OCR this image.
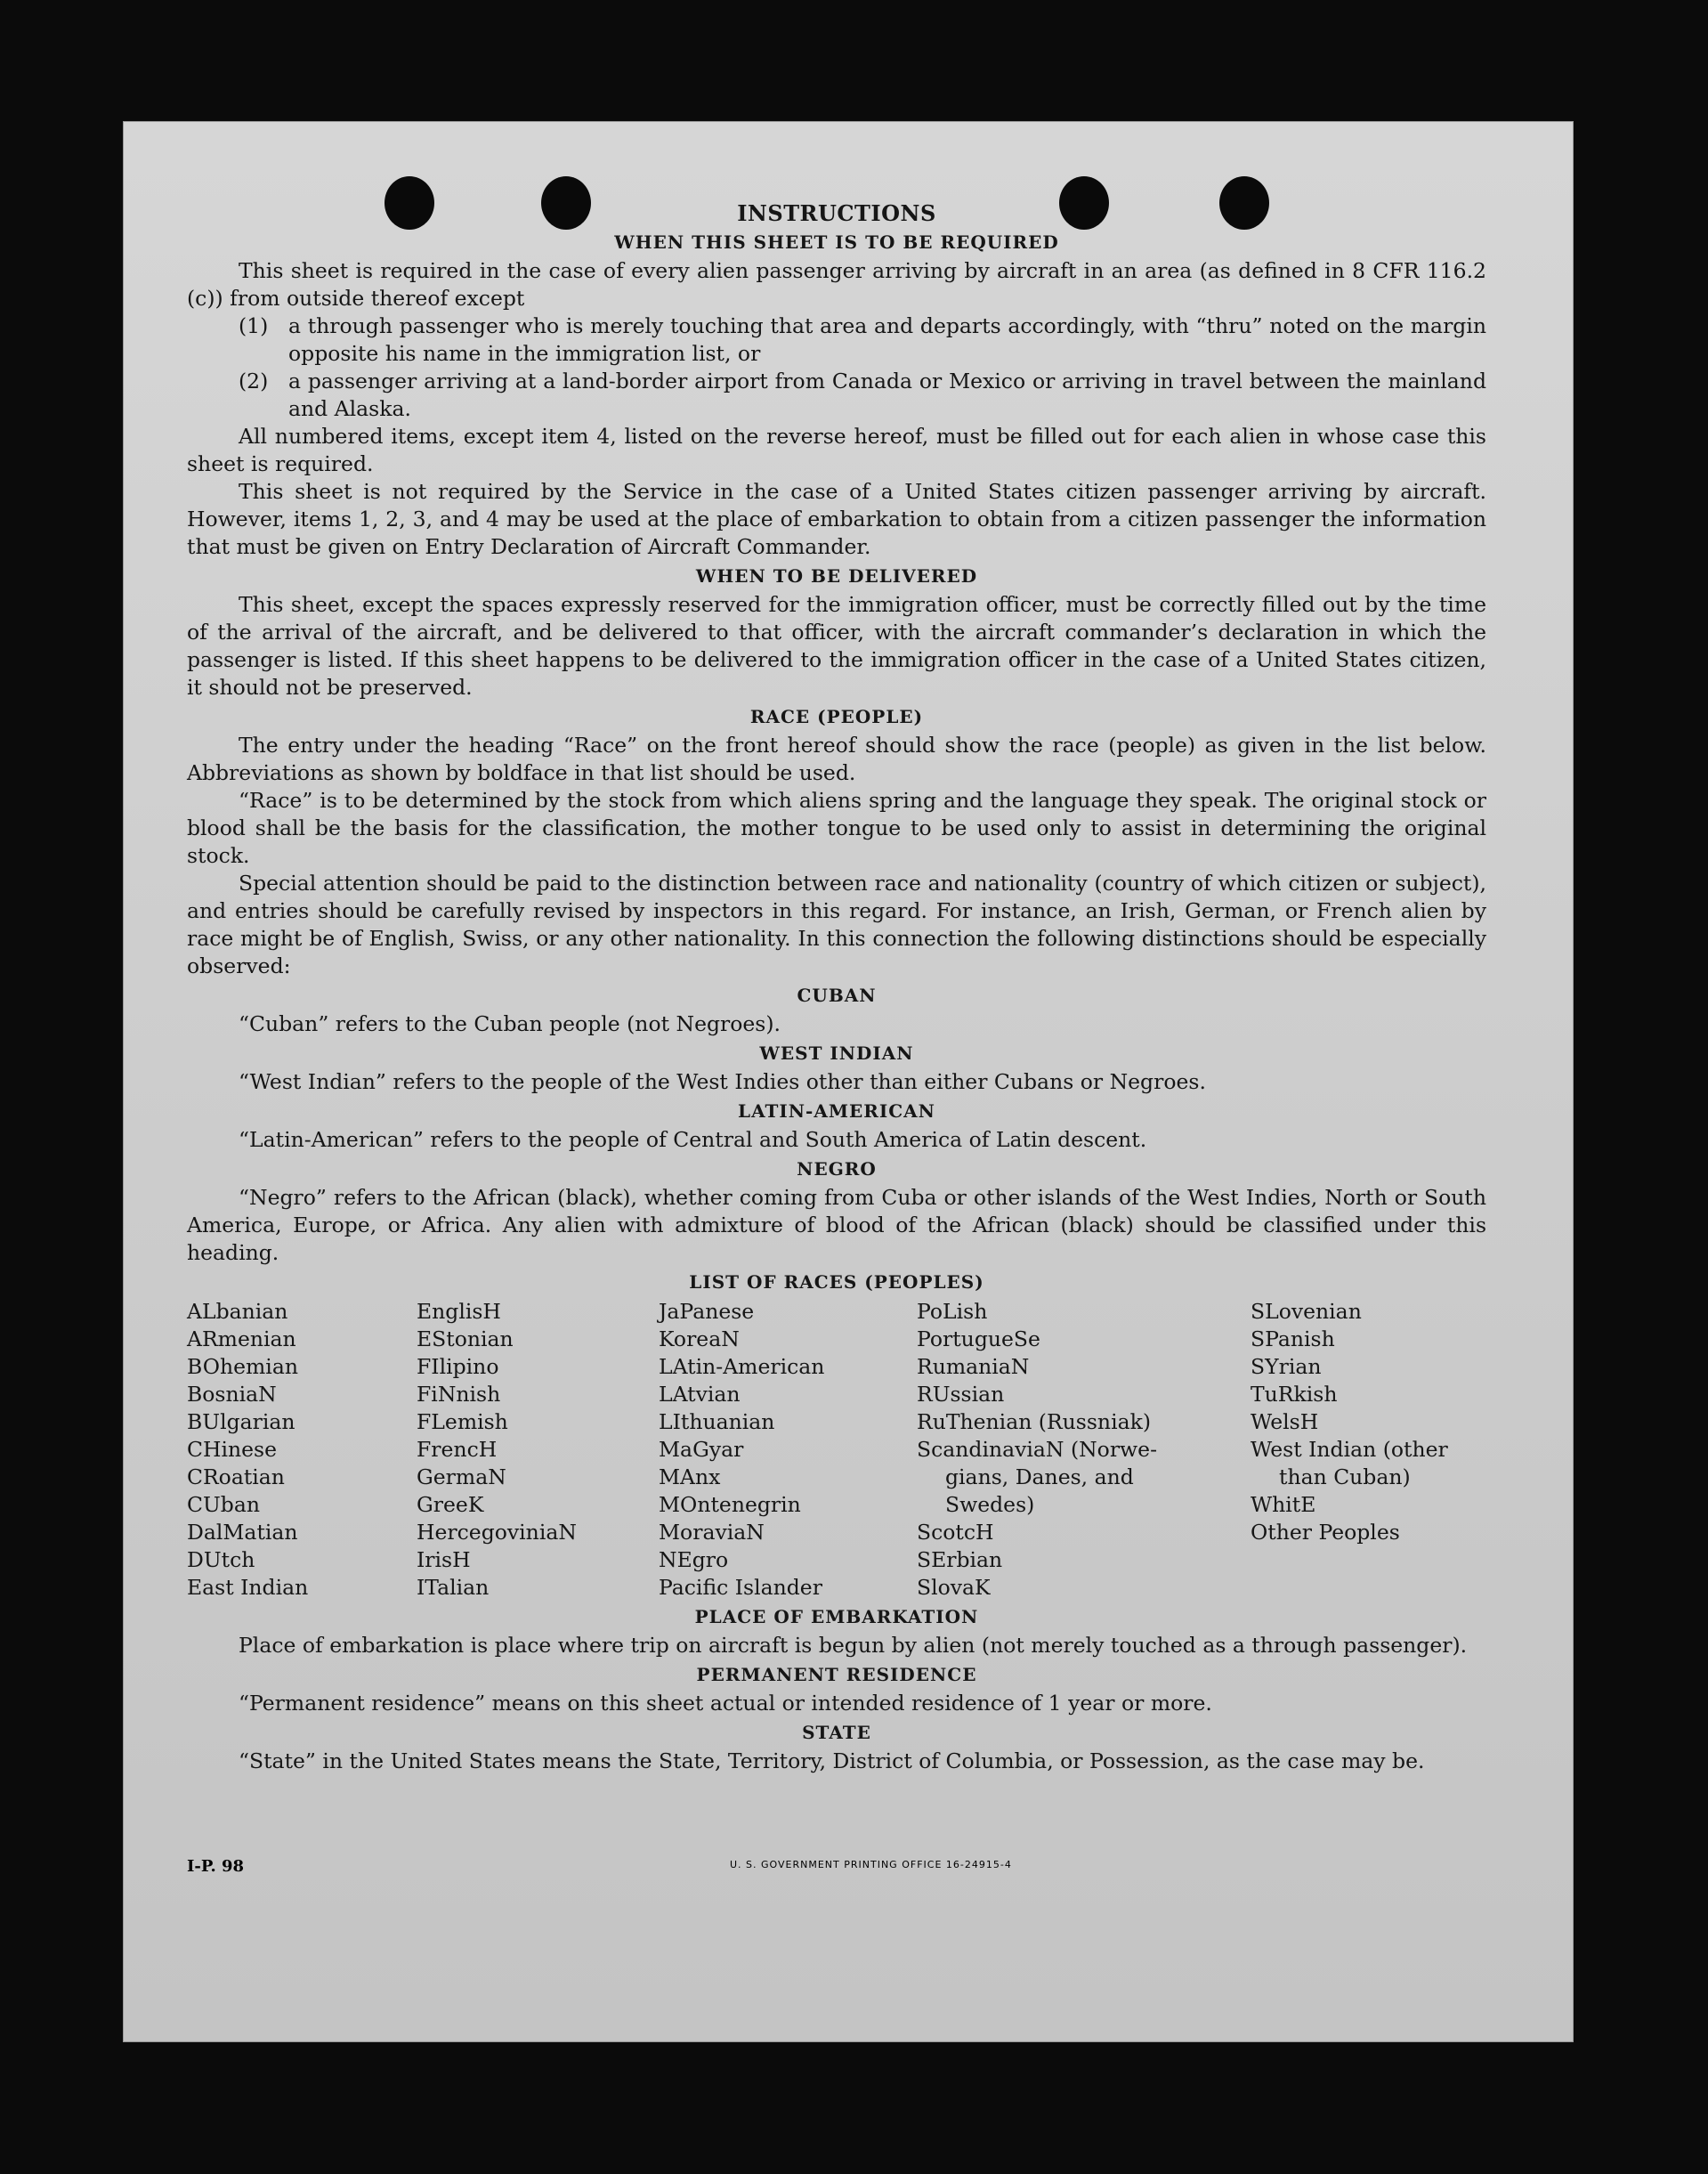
INSTRUCTIONS
WHEN THIS SHEET IS TO BE REQUIRED

This sheet is required in the case of every alien passenger arriving by aircraft in an area (as defined in 8 CFR 116.2 (c)) from outside thereof except

(1) a through passenger who is merely touching that area and departs accordingly, with “thru” noted on the margin opposite his name in the immigration list, or
(2) a passenger arriving at a land-border airport from Canada or Mexico or arriving in travel between the mainland and Alaska.

All numbered items, except item 4, listed on the reverse hereof, must be filled out for each alien in whose case this sheet is required.

This sheet is not required by the Service in the case of a United States citizen passenger arriving by aircraft. However, items 1, 2, 3, and 4 may be used at the place of embarkation to obtain from a citizen passenger the information that must be given on Entry Declaration of Aircraft Commander.

WHEN TO BE DELIVERED

This sheet, except the spaces expressly reserved for the immigration officer, must be correctly filled out by the time of the arrival of the aircraft, and be delivered to that officer, with the aircraft commander’s declaration in which the passenger is listed. If this sheet happens to be delivered to the immigration officer in the case of a United States citizen, it should not be preserved.

RACE (PEOPLE)

The entry under the heading “Race” on the front hereof should show the race (people) as given in the list below. Abbreviations as shown by boldface in that list should be used.

“Race” is to be determined by the stock from which aliens spring and the language they speak. The original stock or blood shall be the basis for the classification, the mother tongue to be used only to assist in determining the original stock.

Special attention should be paid to the distinction between race and nationality (country of which citizen or subject), and entries should be carefully revised by inspectors in this regard. For instance, an Irish, German, or French alien by race might be of English, Swiss, or any other nationality. In this connection the following distinctions should be especially observed:

CUBAN

“Cuban” refers to the Cuban people (not Negroes).

WEST INDIAN

“West Indian” refers to the people of the West Indies other than either Cubans or Negroes.

LATIN-AMERICAN

“Latin-American” refers to the people of Central and South America of Latin descent.

NEGRO

“Negro” refers to the African (black), whether coming from Cuba or other islands of the West Indies, North or South America, Europe, or Africa. Any alien with admixture of blood of the African (black) should be classified under this heading.

LIST OF RACES (PEOPLES)
ALbanian
ARmenian
BOhemian
BosniaN
BUlgarian
CHinese
CRoatian
CUban
DalMatian
DUtch
East Indian
EnglisH
EStonian
FIlipino
FiNnish
FLemish
FrencH
GermaN
GreeK
HercegoviniaN
IrisH
ITalian
JaPanese
KoreaN
LAtin-American
LAtvian
LIthuanian
MaGyar
MAnx
MOntenegrin
MoraviaN
NEgro
Pacific Islander
PoLish
PortugueSe
RumaniaN
RUssian
RuThenian (Russniak)
ScandinaviaN (Norwe-
gians, Danes, and
Swedes)
ScotcH
SErbian
SlovaK
SLovenian
SPanish
SYrian
TuRkish
WelsH
West Indian (other
than Cuban)
WhitE
Other Peoples
PLACE OF EMBARKATION

Place of embarkation is place where trip on aircraft is begun by alien (not merely touched as a through passenger).

PERMANENT RESIDENCE

“Permanent residence” means on this sheet actual or intended residence of 1 year or more.

STATE

“State” in the United States means the State, Territory, District of Columbia, or Possession, as the case may be.

I-P. 98	U. S. GOVERNMENT PRINTING OFFICE 16-24915-4
